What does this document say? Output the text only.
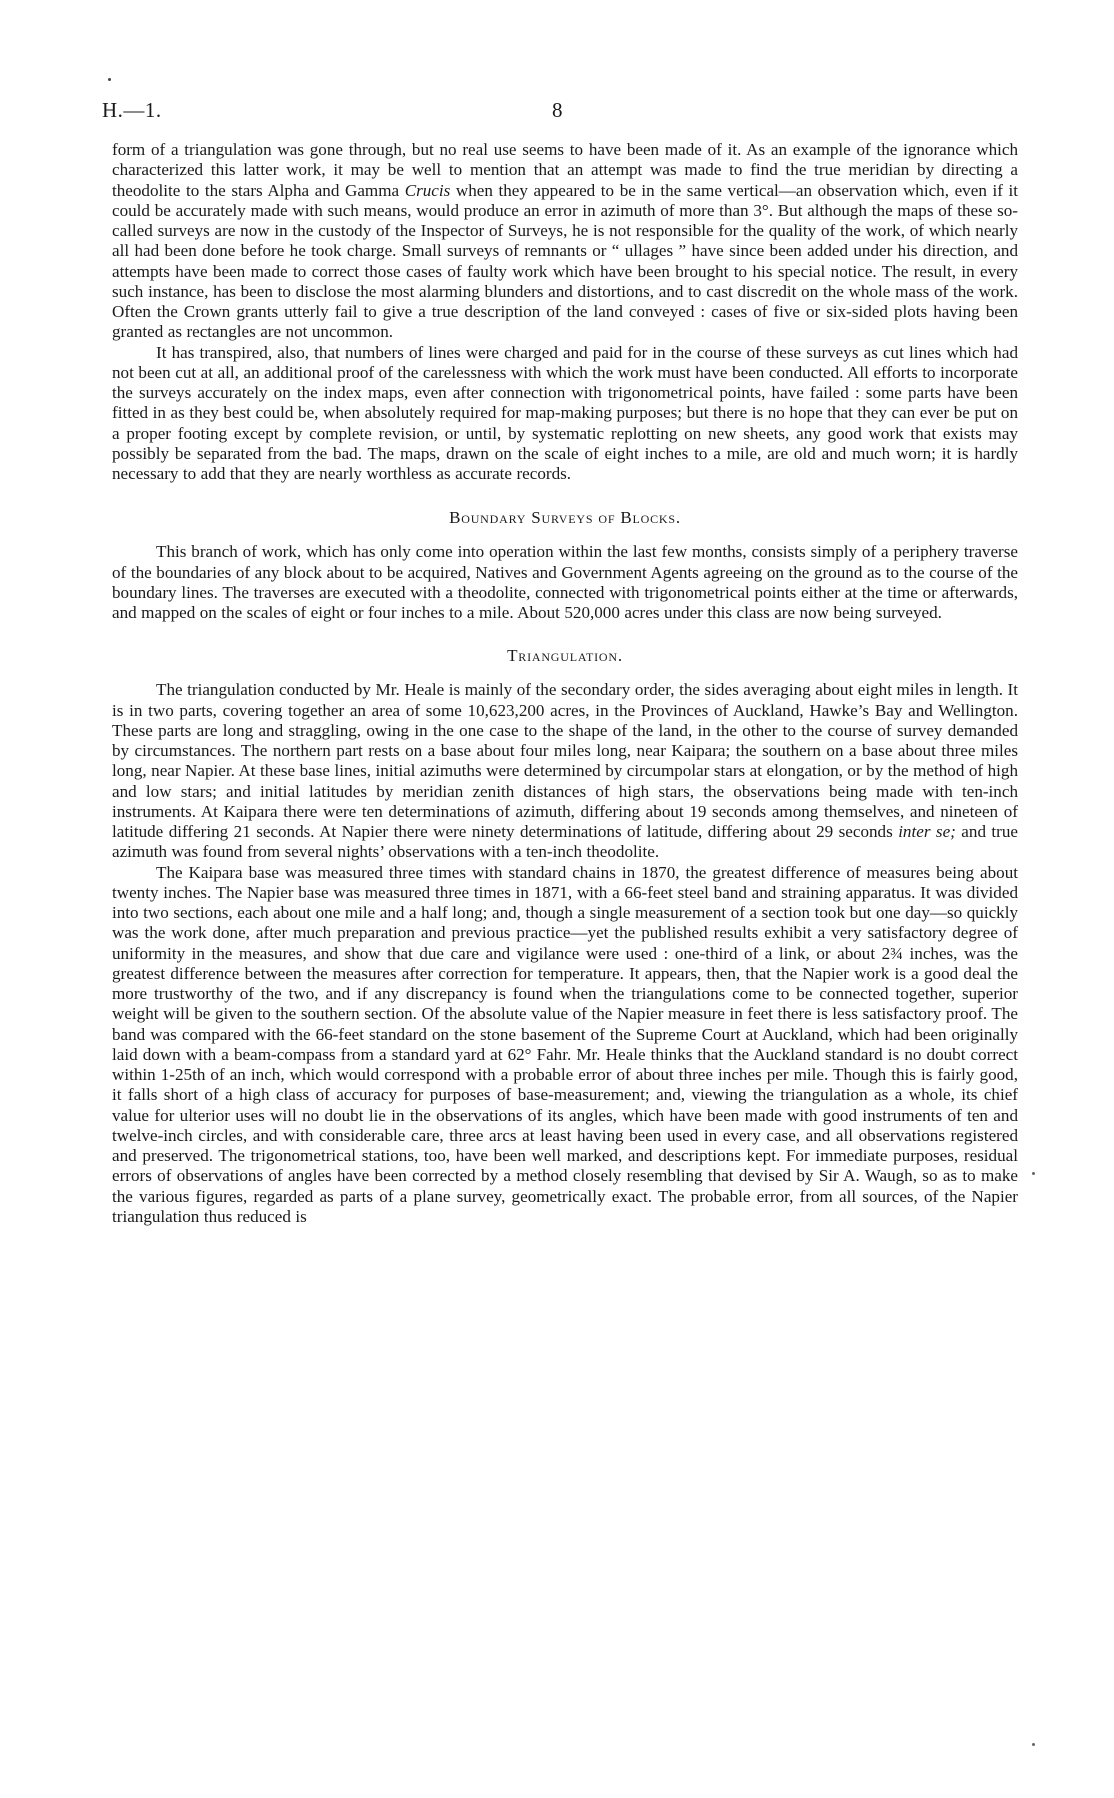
H.—1.	8

form of a triangulation was gone through, but no real use seems to have been made of it. As an example of the ignorance which characterized this latter work, it may be well to mention that an attempt was made to find the true meridian by directing a theodolite to the stars Alpha and Gamma Crucis when they appeared to be in the same vertical—an observation which, even if it could be accurately made with such means, would produce an error in azimuth of more than 3°. But although the maps of these so-called surveys are now in the custody of the Inspector of Surveys, he is not responsible for the quality of the work, of which nearly all had been done before he took charge. Small surveys of remnants or “ ullages ” have since been added under his direction, and attempts have been made to correct those cases of faulty work which have been brought to his special notice. The result, in every such instance, has been to disclose the most alarming blunders and distortions, and to cast discredit on the whole mass of the work. Often the Crown grants utterly fail to give a true description of the land conveyed : cases of five or six-sided plots having been granted as rectangles are not uncommon.

It has transpired, also, that numbers of lines were charged and paid for in the course of these surveys as cut lines which had not been cut at all, an additional proof of the carelessness with which the work must have been conducted. All efforts to incorporate the surveys accurately on the index maps, even after connection with trigonometrical points, have failed : some parts have been fitted in as they best could be, when absolutely required for map-making purposes; but there is no hope that they can ever be put on a proper footing except by complete revision, or until, by systematic replotting on new sheets, any good work that exists may possibly be separated from the bad. The maps, drawn on the scale of eight inches to a mile, are old and much worn; it is hardly necessary to add that they are nearly worthless as accurate records.

Boundary Surveys of Blocks.

This branch of work, which has only come into operation within the last few months, consists simply of a periphery traverse of the boundaries of any block about to be acquired, Natives and Government Agents agreeing on the ground as to the course of the boundary lines. The traverses are executed with a theodolite, connected with trigonometrical points either at the time or afterwards, and mapped on the scales of eight or four inches to a mile. About 520,000 acres under this class are now being surveyed.

Triangulation.

The triangulation conducted by Mr. Heale is mainly of the secondary order, the sides averaging about eight miles in length. It is in two parts, covering together an area of some 10,623,200 acres, in the Provinces of Auckland, Hawke’s Bay and Wellington. These parts are long and straggling, owing in the one case to the shape of the land, in the other to the course of survey demanded by circumstances. The northern part rests on a base about four miles long, near Kaipara; the southern on a base about three miles long, near Napier. At these base lines, initial azimuths were determined by circumpolar stars at elongation, or by the method of high and low stars; and initial latitudes by meridian zenith distances of high stars, the observations being made with ten-inch instruments. At Kaipara there were ten determinations of azimuth, differing about 19 seconds among themselves, and nineteen of latitude differing 21 seconds. At Napier there were ninety determinations of latitude, differing about 29 seconds inter se; and true azimuth was found from several nights’ observations with a ten-inch theodolite.

The Kaipara base was measured three times with standard chains in 1870, the greatest difference of measures being about twenty inches. The Napier base was measured three times in 1871, with a 66-feet steel band and straining apparatus. It was divided into two sections, each about one mile and a half long; and, though a single measurement of a section took but one day—so quickly was the work done, after much preparation and previous practice—yet the published results exhibit a very satisfactory degree of uniformity in the measures, and show that due care and vigilance were used : one-third of a link, or about 2¾ inches, was the greatest difference between the measures after correction for temperature. It appears, then, that the Napier work is a good deal the more trustworthy of the two, and if any discrepancy is found when the triangulations come to be connected together, superior weight will be given to the southern section. Of the absolute value of the Napier measure in feet there is less satisfactory proof. The band was compared with the 66-feet standard on the stone basement of the Supreme Court at Auckland, which had been originally laid down with a beam-compass from a standard yard at 62° Fahr. Mr. Heale thinks that the Auckland standard is no doubt correct within 1-25th of an inch, which would correspond with a probable error of about three inches per mile. Though this is fairly good, it falls short of a high class of accuracy for purposes of base-measurement; and, viewing the triangulation as a whole, its chief value for ulterior uses will no doubt lie in the observations of its angles, which have been made with good instruments of ten and twelve-inch circles, and with considerable care, three arcs at least having been used in every case, and all observations registered and preserved. The trigonometrical stations, too, have been well marked, and descriptions kept. For immediate purposes, residual errors of observations of angles have been corrected by a method closely resembling that devised by Sir A. Waugh, so as to make the various figures, regarded as parts of a plane survey, geometrically exact. The probable error, from all sources, of the Napier triangulation thus reduced is
